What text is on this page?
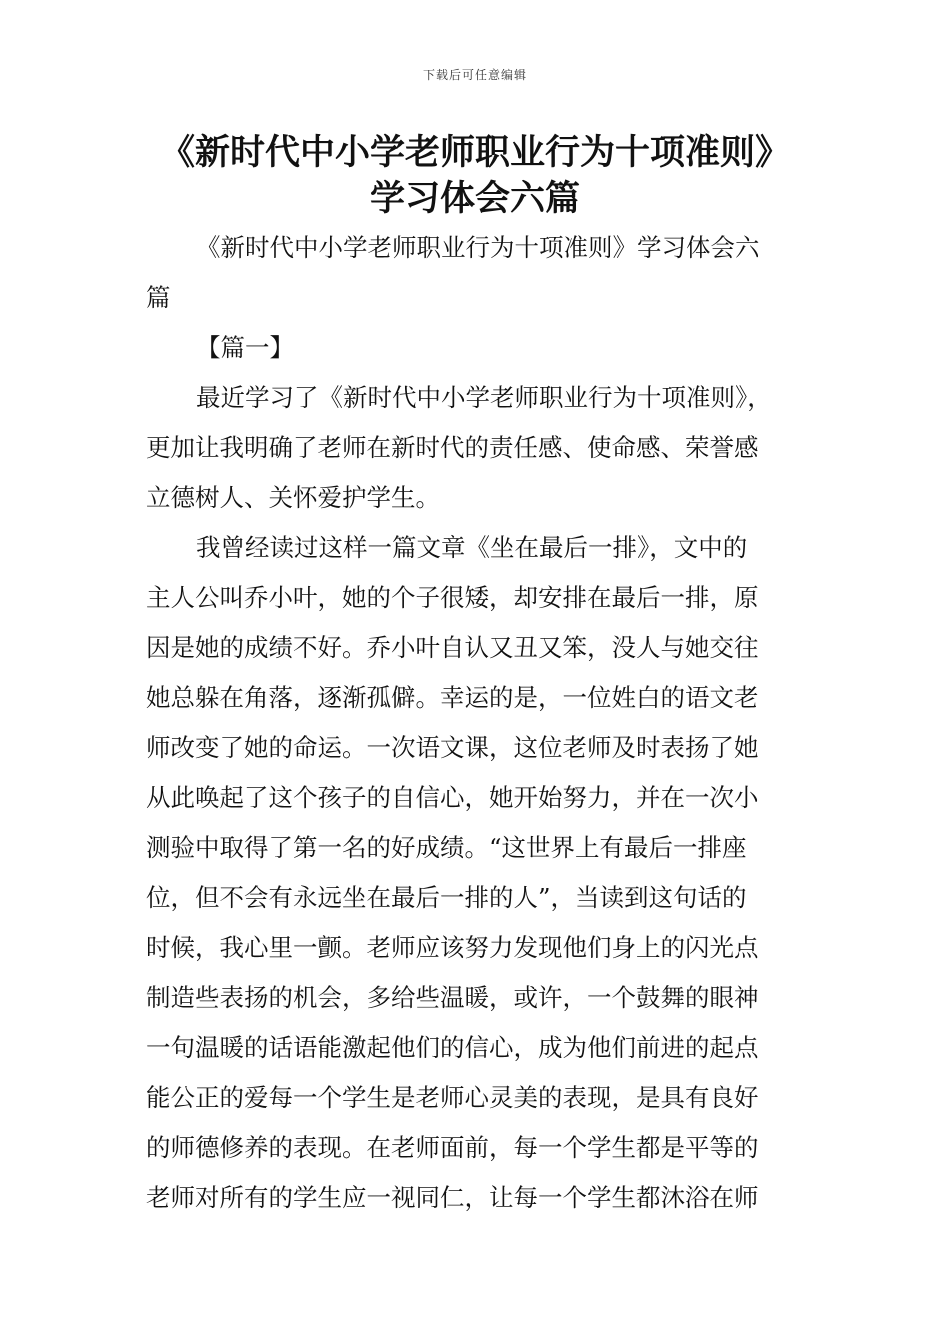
下载后可任意编辑
《新时代中小学老师职业行为十项准则》
学习体会六篇
《新时代中小学老师职业行为十项准则》学习体会六
篇
【篇一】
最近学习了《新时代中小学老师职业行为十项准则》，
更加让我明确了老师在新时代的责任感、使命感、荣誉感
立德树人、关怀爱护学生。
我曾经读过这样一篇文章《坐在最后一排》，文中的
主人公叫乔小叶，她的个子很矮，却安排在最后一排，原
因是她的成绩不好。乔小叶自认又丑又笨，没人与她交往
她总躲在角落，逐渐孤僻。幸运的是，一位姓白的语文老
师改变了她的命运。一次语文课，这位老师及时表扬了她
从此唤起了这个孩子的自信心，她开始努力，并在一次小
测验中取得了第一名的好成绩。“这世界上有最后一排座
位，但不会有永远坐在最后一排的人”，当读到这句话的
时候，我心里一颤。老师应该努力发现他们身上的闪光点
制造些表扬的机会，多给些温暖，或许，一个鼓舞的眼神
一句温暖的话语能激起他们的信心，成为他们前进的起点
能公正的爱每一个学生是老师心灵美的表现，是具有良好
的师德修养的表现。在老师面前，每一个学生都是平等的
老师对所有的学生应一视同仁，让每一个学生都沐浴在师
